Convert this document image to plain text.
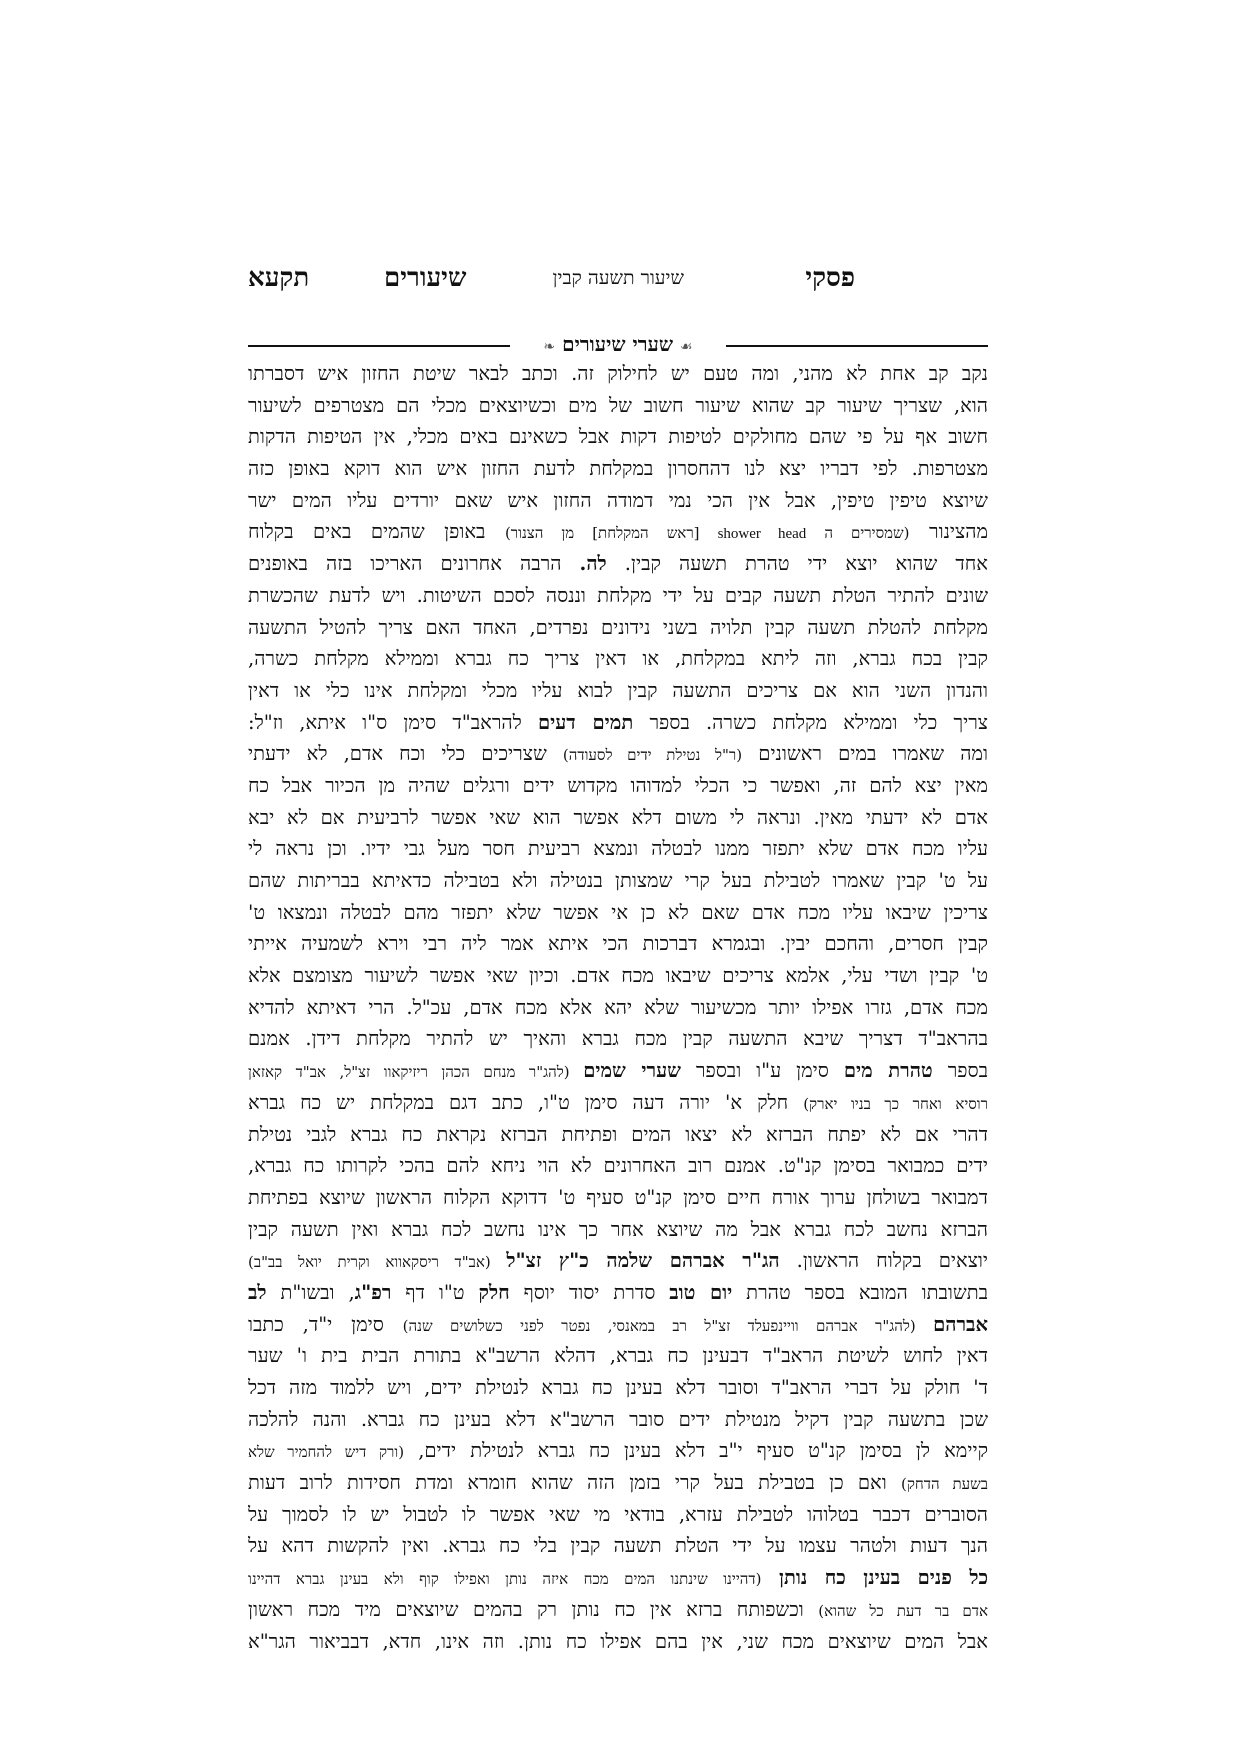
פסקי
שיעור תשעה קבין
שיעורים
תקעא
☙ שערי שיעורים ❧
נקב קב אחת לא מהני, ומה טעם יש לחילוק זה. וכתב לבאר שיטת החזון איש דסברתו
הוא, שצריך שיעור קב שהוא שיעור חשוב של מים וכשיוצאים מכלי הם מצטרפים לשיעור
חשוב אף על פי שהם מחולקים לטיפות דקות אבל כשאינם באים מכלי, אין הטיפות הדקות
מצטרפות. לפי דבריו יצא לנו דהחסרון במקלחת לדעת החזון איש הוא דוקא באופן כזה
שיוצא טיפין טיפין, אבל אין הכי נמי דמודה החזון איש שאם יורדים עליו המים ישר
מהצינור (שמסירים ה shower head [ראש המקלחת] מן הצנור) באופן שהמים באים בקלוח
אחד שהוא יוצא ידי טהרת תשעה קבין. לה. הרבה אחרונים האריכו בזה באופנים
שונים להתיר הטלת תשעה קבים על ידי מקלחת וננסה לסכם השיטות. ויש לדעת שהכשרת
מקלחת להטלת תשעה קבין תלויה בשני נידונים נפרדים, האחד האם צריך להטיל התשעה
קבין בכח גברא, וזה ליתא במקלחת, או דאין צריך כח גברא וממילא מקלחת כשרה,
והנדון השני הוא אם צריכים התשעה קבין לבוא עליו מכלי ומקלחת אינו כלי או דאין
צריך כלי וממילא מקלחת כשרה. בספר תמים דעים להראב"ד סימן ס"ו איתא, וז"ל:
ומה שאמרו במים ראשונים (ר"ל נטילת ידים לסעודה) שצריכים כלי וכח אדם, לא ידעתי
מאין יצא להם זה, ואפשר כי הכלי למדוהו מקדוש ידים ורגלים שהיה מן הכיור אבל כח
אדם לא ידעתי מאין. ונראה לי משום דלא אפשר הוא שאי אפשר לרביעית אם לא יבא
עליו מכח אדם שלא יתפזר ממנו לבטלה ונמצא רביעית חסר מעל גבי ידיו. וכן נראה לי
על ט' קבין שאמרו לטבילת בעל קרי שמצותן בנטילה ולא בטבילה כדאיתא בבריתות שהם
צריכין שיבאו עליו מכח אדם שאם לא כן אי אפשר שלא יתפזר מהם לבטלה ונמצאו ט'
קבין חסרים, והחכם יבין. ובגמרא דברכות הכי איתא אמר ליה רבי וירא לשמעיה אייתי
ט' קבין ושדי עלי, אלמא צריכים שיבאו מכח אדם. וכיון שאי אפשר לשיעור מצומצם אלא
מכח אדם, גזרו אפילו יותר מכשיעור שלא יהא אלא מכח אדם, עכ"ל. הרי דאיתא להדיא
בהראב"ד דצריך שיבא התשעה קבין מכח גברא והאיך יש להתיר מקלחת דידן. אמנם
בספר טהרת מים סימן ע"ו ובספר שערי שמים (להג"ר מנחם הכהן ריזיקאוו זצ"ל, אב"ד קאזאן
רוסיא ואחר כך בניו יארק) חלק א' יורה דעה סימן ט"ו, כתב דגם במקלחת יש כח גברא
דהרי אם לא יפתח הברזא לא יצאו המים ופתיחת הברזא נקראת כח גברא לגבי נטילת
ידים כמבואר בסימן קנ"ט. אמנם רוב האחרונים לא הוי ניחא להם בהכי לקרותו כח גברא,
דמבואר בשולחן ערוך אורח חיים סימן קנ"ט סעיף ט' דדוקא הקלוח הראשון שיוצא בפתיחת
הברזא נחשב לכח גברא אבל מה שיוצא אחר כך אינו נחשב לכח גברא ואין תשעה קבין
יוצאים בקלוח הראשון. הג"ר אברהם שלמה כ"ץ זצ"ל (אב"ד ריסקאווא וקרית יואל בב"ב)
בתשובתו המובא בספר טהרת יום טוב סדרת יסוד יוסף חלק ט"ו דף רפ"ג, ובשו"ת לב
אברהם (להג"ר אברהם וויינפעלד זצ"ל רב במאנסי, נפטר לפני כשלושים שנה) סימן י"ד, כתבו
דאין לחוש לשיטת הראב"ד דבעינן כח גברא, דהלא הרשב"א בתורת הבית בית ו' שער
ד' חולק על דברי הראב"ד וסובר דלא בעינן כח גברא לנטילת ידים, ויש ללמוד מזה דכל
שכן בתשעה קבין דקיל מנטילת ידים סובר הרשב"א דלא בעינן כח גברא. והנה להלכה
קיימא לן בסימן קנ"ט סעיף י"ב דלא בעינן כח גברא לנטילת ידים, (ורק דיש להחמיר שלא
בשעת הדחק) ואם כן בטבילת בעל קרי בזמן הזה שהוא חומרא ומדת חסידות לרוב דעות
הסוברים דכבר בטלוהו לטבילת עזרא, בודאי מי שאי אפשר לו לטבול יש לו לסמוך על
הנך דעות ולטהר עצמו על ידי הטלת תשעה קבין בלי כח גברא. ואין להקשות דהא על
כל פנים בעינן כח נותן (דהיינו שינתנו המים מכח איזה נותן ואפילו קוף ולא בעינן גברא דהיינו
אדם בר דעת כל שהוא) וכשפותח ברזא אין כח נותן רק בהמים שיוצאים מיד מכח ראשון
אבל המים שיוצאים מכח שני, אין בהם אפילו כח נותן. וזה אינו, חדא, דבביאור הגר"א
